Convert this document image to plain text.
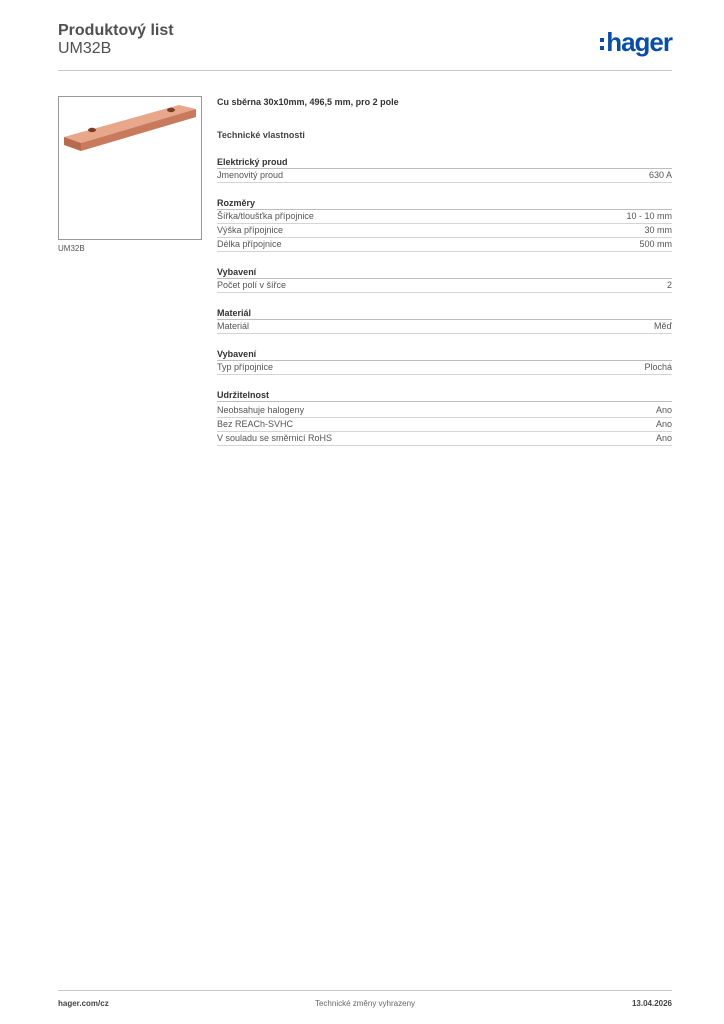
Produktový list
UM32B	hager
UM32B
Cu sběrna 30x10mm, 496,5 mm, pro 2 pole
Technické vlastnosti
Elektrický proud
Jmenovitý proud	630 A
Rozměry
Šířka/tloušťka přípojnice	10 - 10 mm
Výška přípojnice	30 mm
Délka přípojnice	500 mm
Vybavení
Počet polí v šířce	2
Materiál
Materiál	Měď
Vybavení
Typ přípojnice	Plochá
Udržitelnost
Neobsahuje halogeny	Ano
Bez REACh-SVHC	Ano
V souladu se směrnicí RoHS	Ano
hager.com/cz	Technické změny vyhrazeny	13.04.2026
